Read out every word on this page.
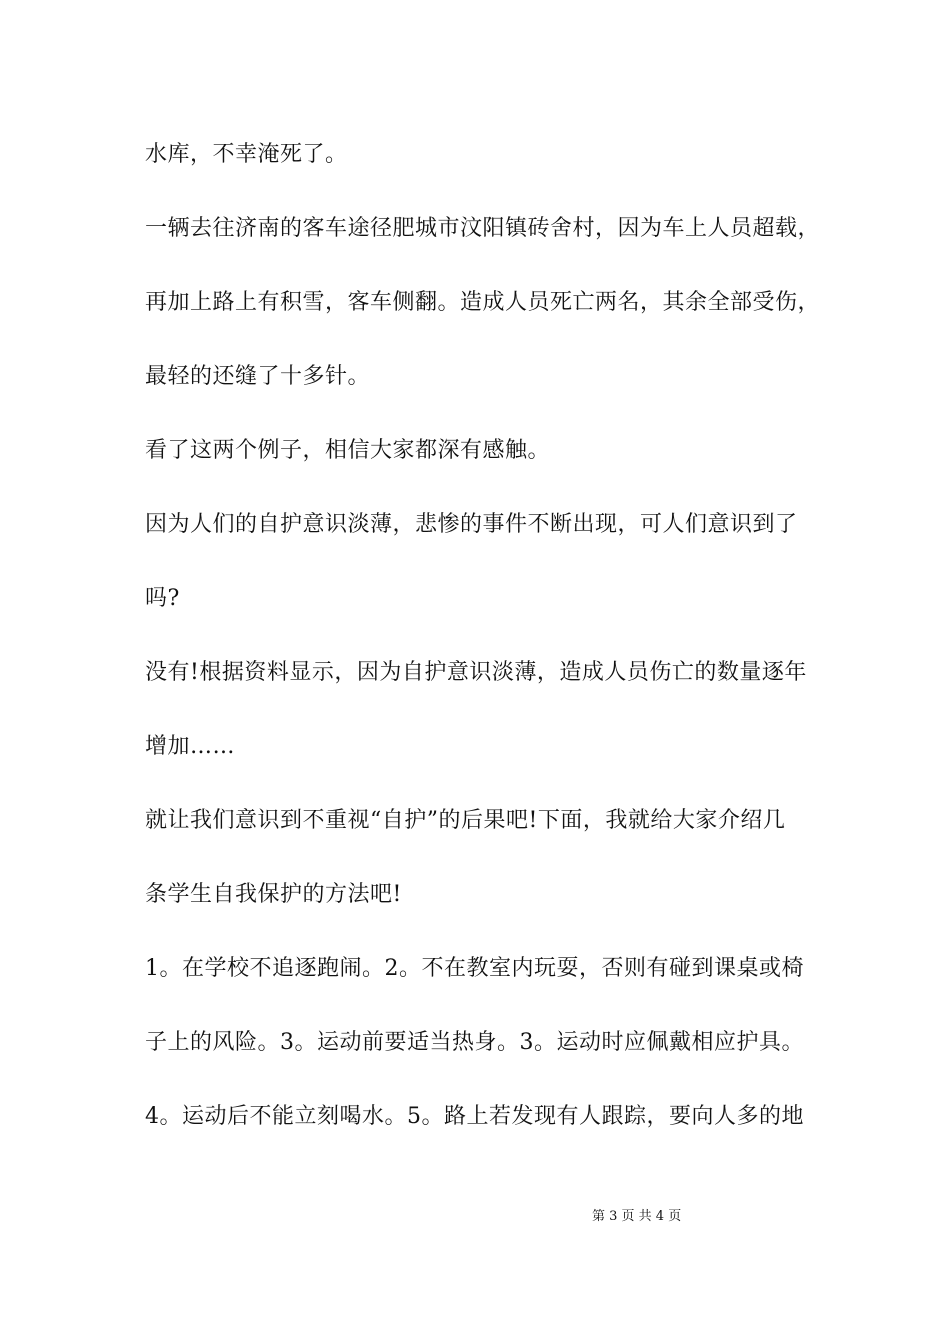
水库，不幸淹死了。
一辆去往济南的客车途径肥城市汶阳镇砖舍村，因为车上人员超载，
再加上路上有积雪，客车侧翻。造成人员死亡两名，其余全部受伤，
最轻的还缝了十多针。
看了这两个例子，相信大家都深有感触。
因为人们的自护意识淡薄，悲惨的事件不断出现，可人们意识到了
吗?
没有!根据资料显示，因为自护意识淡薄，造成人员伤亡的数量逐年
增加……
就让我们意识到不重视“自护”的后果吧!下面，我就给大家介绍几
条学生自我保护的方法吧!
1。在学校不追逐跑闹。2。不在教室内玩耍，否则有碰到课桌或椅
子上的风险。3。运动前要适当热身。3。运动时应佩戴相应护具。
4。运动后不能立刻喝水。5。路上若发现有人跟踪，要向人多的地

第 3 页 共 4 页
